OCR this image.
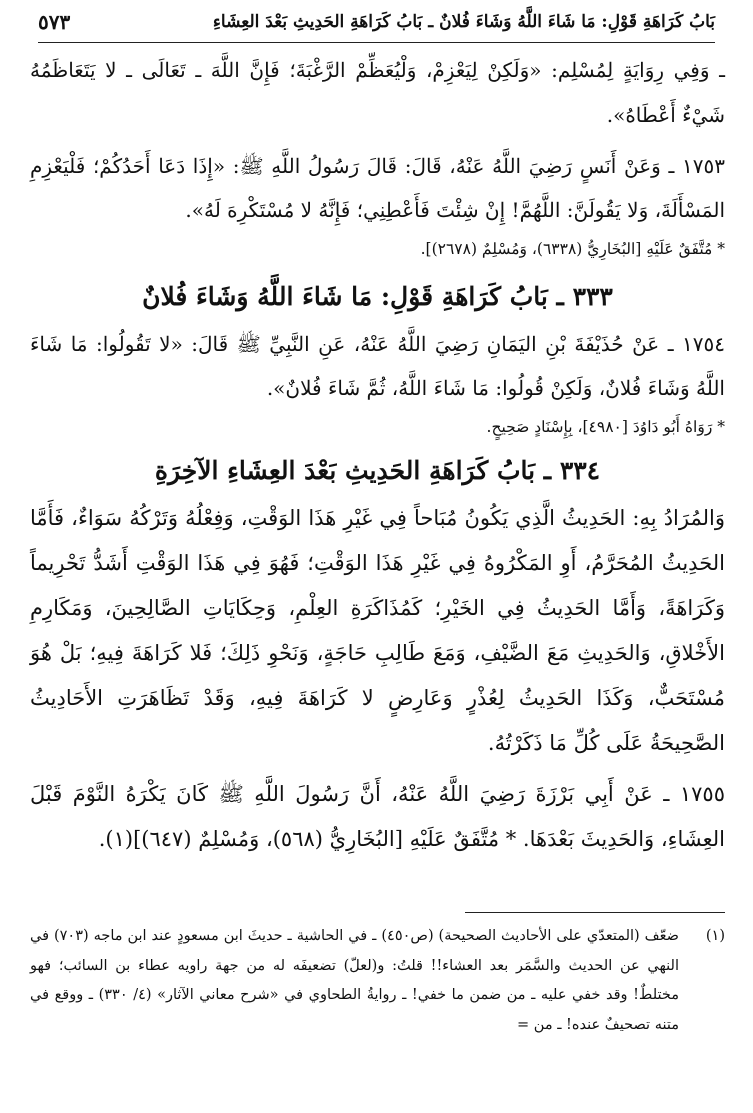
بَابُ كَرَاهَةِ قَوْلِ: مَا شَاءَ اللَّهُ وَشَاءَ فُلانٌ ـ بَابُ كَرَاهَةِ الحَدِيثِ بَعْدَ العِشَاءِ
٥٧٣

ـ وَفِي رِوَايَةٍ لِمُسْلِم: «وَلَكِنْ لِيَعْزِمْ، وَلْيُعَظِّمْ الرَّغْبَةَ؛ فَإِنَّ اللَّهَ ـ تَعَالَى ـ لا يَتَعَاظَمُهُ شَيْءٌ أَعْطَاهُ».

١٧٥٣ ـ وَعَنْ أَنَسٍ رَضِيَ اللَّهُ عَنْهُ، قَالَ: قَالَ رَسُولُ اللَّهِ ﷺ: «إِذَا دَعَا أَحَدُكُمْ؛ فَلْيَعْزِمِ المَسْأَلَةَ، وَلا يَقُولَنَّ: اللَّهُمَّ! إِنْ شِئْتَ فَأَعْطِنِي؛ فَإِنَّهُ لا مُسْتَكْرِهَ لَهُ».

* مُتَّفَقٌ عَلَيْهِ [البُخَارِيُّ (٦٣٣٨)، وَمُسْلِمٌ (٢٦٧٨)].

٣٣٣ ـ بَابُ كَرَاهَةِ قَوْلِ: مَا شَاءَ اللَّهُ وَشَاءَ فُلانٌ

١٧٥٤ ـ عَنْ حُذَيْفَةَ بْنِ اليَمَانِ رَضِيَ اللَّهُ عَنْهُ، عَنِ النَّبِيِّ ﷺ قَالَ: «لا تَقُولُوا: مَا شَاءَ اللَّهُ وَشَاءَ فُلانٌ، وَلَكِنْ قُولُوا: مَا شَاءَ اللَّهُ، ثُمَّ شَاءَ فُلانٌ».

* رَوَاهُ أَبُو دَاوُدَ [٤٩٨٠]، بِإِسْنَادٍ صَحِيحٍ.

٣٣٤ ـ بَابُ كَرَاهَةِ الحَدِيثِ بَعْدَ العِشَاءِ الآخِرَةِ

وَالمُرَادُ بِهِ: الحَدِيثُ الَّذِي يَكُونُ مُبَاحاً فِي غَيْرِ هَذَا الوَقْتِ، وَفِعْلُهُ وَتَرْكُهُ سَوَاءٌ، فَأَمَّا الحَدِيثُ المُحَرَّمُ، أَوِ المَكْرُوهُ فِي غَيْرِ هَذَا الوَقْتِ؛ فَهُوَ فِي هَذَا الوَقْتِ أَشَدُّ تَحْرِيماً وَكَرَاهَةً، وَأَمَّا الحَدِيثُ فِي الخَيْرِ؛ كَمُذَاكَرَةِ العِلْمِ، وَحِكَايَاتِ الصَّالِحِينَ، وَمَكَارِمِ الأَخْلاقِ، وَالحَدِيثِ مَعَ الضَّيْفِ، وَمَعَ طَالِبِ حَاجَةٍ، وَنَحْوِ ذَلِكَ؛ فَلا كَرَاهَةَ فِيهِ؛ بَلْ هُوَ مُسْتَحَبٌّ، وَكَذَا الحَدِيثُ لِعُذْرٍ وَعَارِضٍ لا كَرَاهَةَ فِيهِ، وَقَدْ تَظَاهَرَتِ الأَحَادِيثُ الصَّحِيحَةُ عَلَى كُلِّ مَا ذَكَرْتُهُ.

١٧٥٥ ـ عَنْ أَبِي بَرْزَةَ رَضِيَ اللَّهُ عَنْهُ، أَنَّ رَسُولَ اللَّهِ ﷺ كَانَ يَكْرَهُ النَّوْمَ قَبْلَ العِشَاءِ، وَالحَدِيثَ بَعْدَهَا. * مُتَّفَقٌ عَلَيْهِ [البُخَارِيُّ (٥٦٨)، وَمُسْلِمٌ (٦٤٧)](١).

(١)
ضعّف (المتعدّي على الأحاديث الصحيحة) (ص٤٥٠) ـ في الحاشية ـ حديثَ ابن مسعودٍ عند ابن ماجه (٧٠٣) في النهي عن الحديث والسَّمَر بعد العشاء!! قلتُ: و(لعلّ) تضعيفَه له من جهة راويه عطاء بن السائب؛ فهو مختلطٌ! وقد خفي عليه ـ من ضمن ما خفي! ـ روايةُ الطحاوي في «شرح معاني الآثار» (٤/ ٣٣٠) ـ ووقع في متنه تصحيفٌ عنده! ـ من =
